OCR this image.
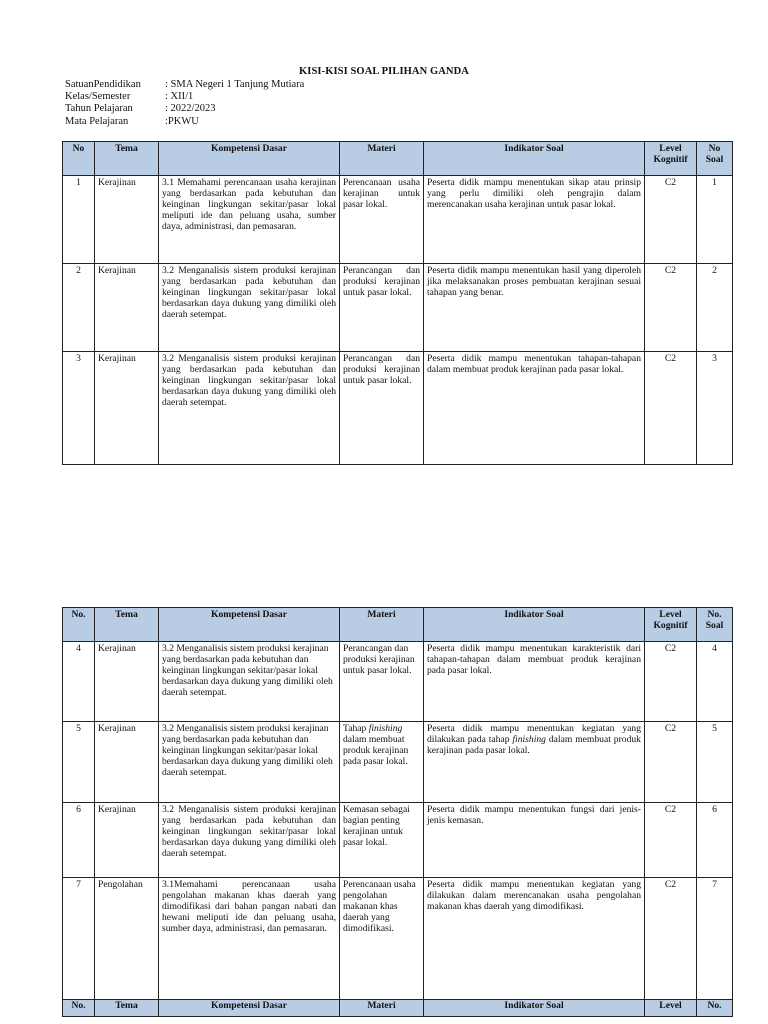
KISI-KISI SOAL PILIHAN GANDA
SatuanPendidikan	: SMA Negeri 1 Tanjung Mutiara
Kelas/Semester	: XII/1
Tahun Pelajaran	: 2022/2023
Mata Pelajaran	:PKWU
No	Tema	Kompetensi Dasar	Materi	Indikator Soal	Level Kognitif	No Soal
1	Kerajinan	3.1 Memahami perencanaan usaha kerajinan yang berdasarkan pada kebutuhan dan keinginan lingkungan sekitar/pasar lokal meliputi ide dan peluang usaha, sumber daya, administrasi, dan pemasaran.	Perencanaan usaha kerajinan untuk pasar lokal.	Peserta didik mampu menentukan sikap atau prinsip yang perlu dimiliki oleh pengrajin dalam merencanakan usaha kerajinan untuk pasar lokal.	C2	1
2	Kerajinan	3.2 Menganalisis sistem produksi kerajinan yang berdasarkan pada kebutuhan dan keinginan lingkungan sekitar/pasar lokal berdasarkan daya dukung yang dimiliki oleh daerah setempat.	Perancangan dan produksi kerajinan untuk pasar lokal.	Peserta didik mampu menentukan hasil yang diperoleh jika melaksanakan proses pembuatan kerajinan sesuai tahapan yang benar.	C2	2
3	Kerajinan	3.2 Menganalisis sistem produksi kerajinan yang berdasarkan pada kebutuhan dan keinginan lingkungan sekitar/pasar lokal berdasarkan daya dukung yang dimiliki oleh daerah setempat.	Perancangan dan produksi kerajinan untuk pasar lokal.	Peserta didik mampu menentukan tahapan-tahapan dalam membuat produk kerajinan pada pasar lokal.	C2	3
No.	Tema	Kompetensi Dasar	Materi	Indikator Soal	Level Kognitif	No. Soal
4	Kerajinan	3.2 Menganalisis sistem produksi kerajinan yang berdasarkan pada kebutuhan dan keinginan lingkungan sekitar/pasar lokal berdasarkan daya dukung yang dimiliki oleh daerah setempat.	Perancangan dan produksi kerajinan untuk pasar lokal.	Peserta didik mampu menentukan karakteristik dari tahapan-tahapan dalam membuat produk kerajinan pada pasar lokal.	C2	4
5	Kerajinan	3.2 Menganalisis sistem produksi kerajinan yang berdasarkan pada kebutuhan dan keinginan lingkungan sekitar/pasar lokal berdasarkan daya dukung yang dimiliki oleh daerah setempat.	Tahap finishing dalam membuat produk kerajinan pada pasar lokal.	Peserta didik mampu menentukan kegiatan yang dilakukan pada tahap finishing dalam membuat produk kerajinan pada pasar lokal.	C2	5
6	Kerajinan	3.2 Menganalisis sistem produksi kerajinan yang berdasarkan pada kebutuhan dan keinginan lingkungan sekitar/pasar lokal berdasarkan daya dukung yang dimiliki oleh daerah setempat.	Kemasan sebagai bagian penting kerajinan untuk pasar lokal.	Peserta didik mampu menentukan fungsi dari jenis-jenis kemasan.	C2	6
7	Pengolahan	3.1Memahami perencanaan usaha pengolahan makanan khas daerah yang dimodifikasi dari bahan pangan nabati dan hewani meliputi ide dan peluang usaha, sumber daya, administrasi, dan pemasaran.	Perencanaan usaha pengolahan makanan khas daerah yang dimodifikasi.	Peserta didik mampu menentukan kegiatan yang dilakukan dalam merencanakan usaha pengolahan makanan khas daerah yang dimodifikasi.	C2	7
No.	Tema	Kompetensi Dasar	Materi	Indikator Soal	Level	No.
